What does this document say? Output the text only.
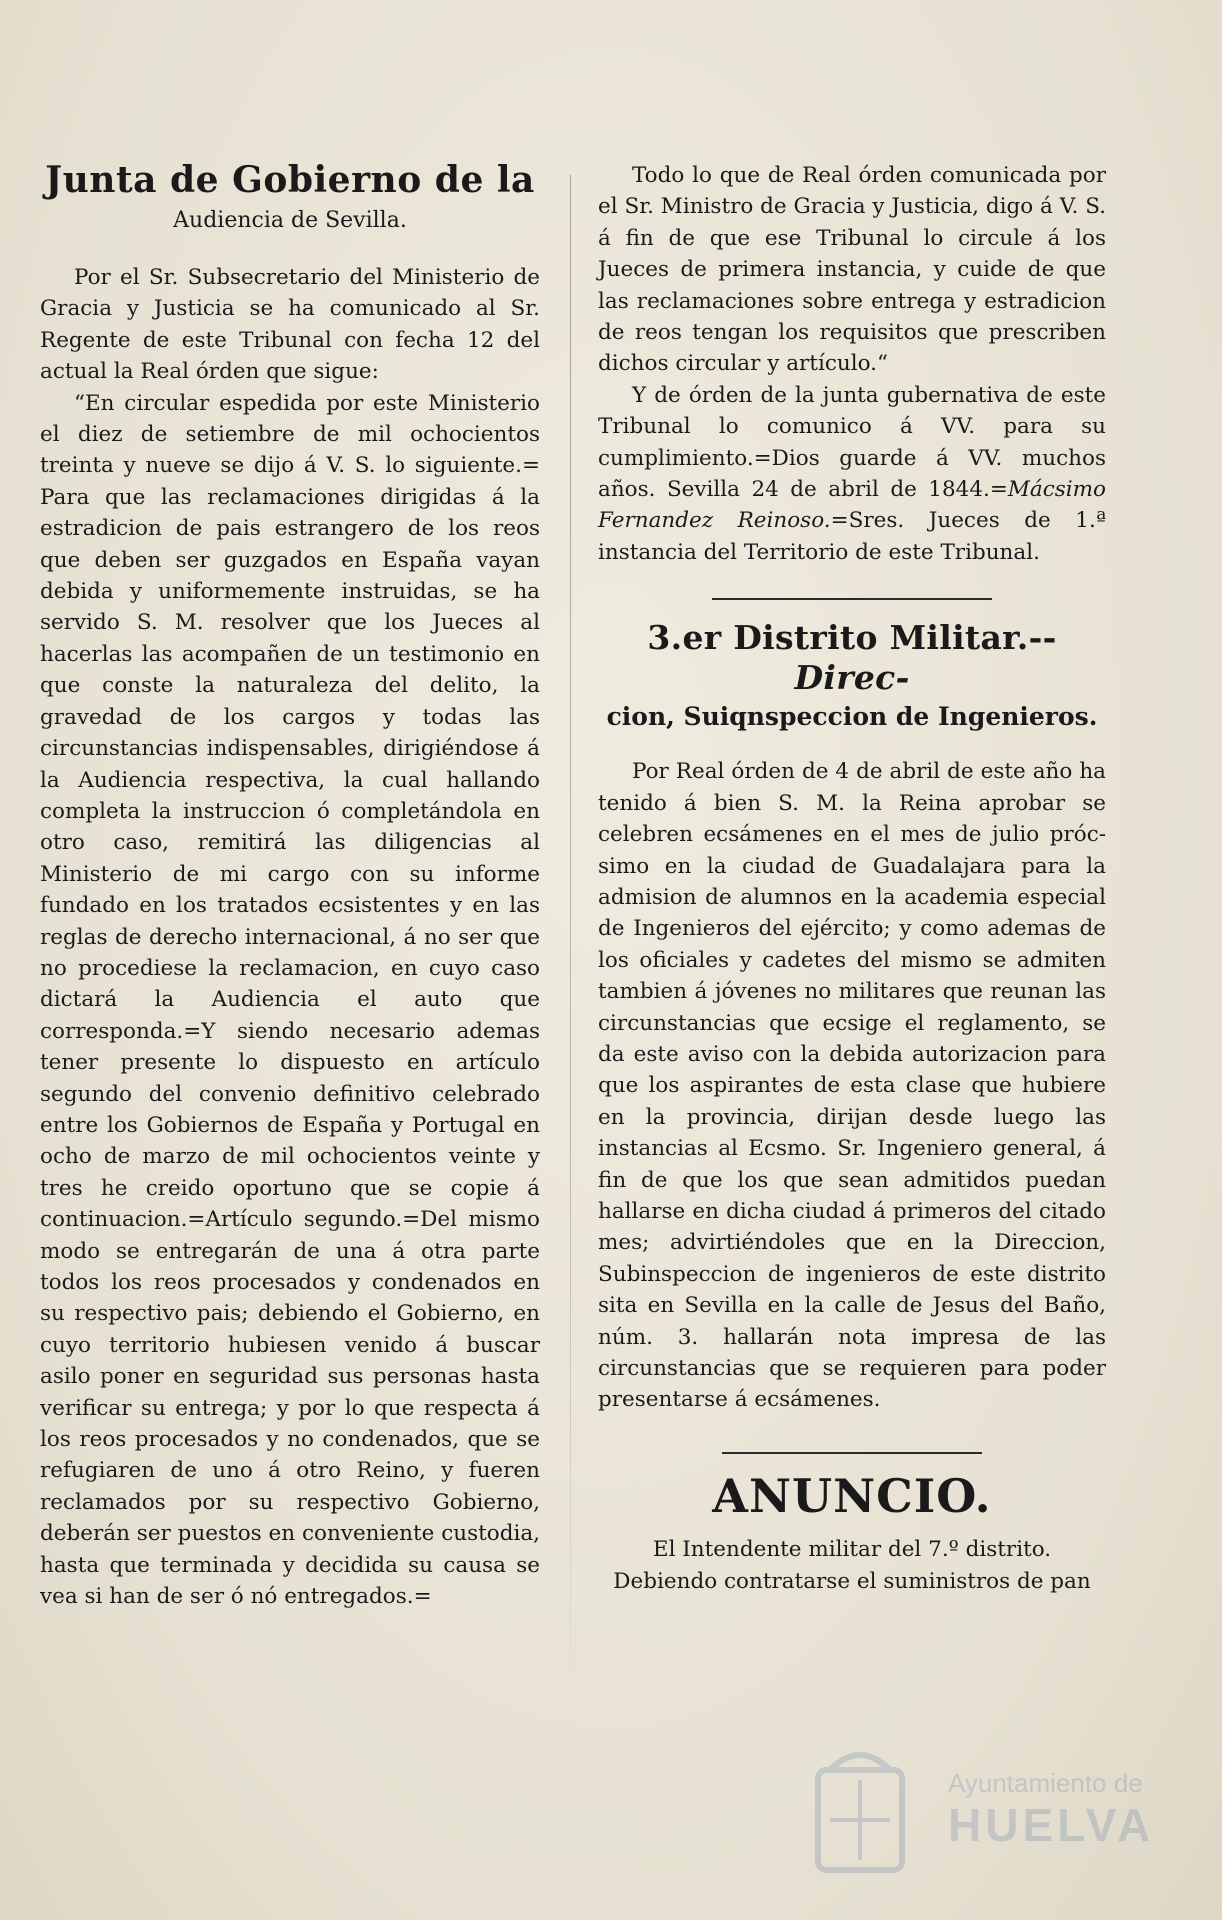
Junta de Gobierno de la
Audiencia de Sevilla.

Por el Sr. Subsecretario del Ministerio de Gracia y Justicia se ha comunicado al Sr. Regente de este Tribunal con fecha 12 del actual la Real órden que sigue:

“En circular espedida por este Ministerio el diez de setiembre de mil ochocientos treinta y nueve se dijo á V. S. lo siguiente.= Para que las reclamaciones dirigidas á la estradicion de pais estrangero de los reos que deben ser guzgados en España vayan debida y uniformemente instruidas, se ha servido S. M. resolver que los Jueces al hacerlas las acompañen de un testimonio en que conste la naturaleza del delito, la gravedad de los cargos y todas las circunstancias indispensables, dirigiéndose á la Audiencia respectiva, la cual hallando completa la instruccion ó completándola en otro caso, remitirá las diligencias al Ministerio de mi cargo con su informe fundado en los tratados ecsistentes y en las reglas de derecho internacional, á no ser que no procediese la reclamacion, en cuyo caso dictará la Audiencia el auto que corresponda.=Y siendo necesario ademas tener presente lo dispuesto en artículo segundo del convenio definitivo celebrado entre los Gobiernos de España y Portugal en ocho de marzo de mil ochocientos veinte y tres he creido oportuno que se copie á continuacion.=Artículo segundo.=Del mismo modo se entregarán de una á otra parte todos los reos procesados y condenados en su respectivo pais; debiendo el Gobierno, en cuyo territorio hubiesen venido á buscar asilo poner en seguridad sus personas hasta verificar su entrega; y por lo que respecta á los reos procesados y no condenados, que se refugiaren de uno á otro Reino, y fueren reclamados por su respectivo Gobierno, deberán ser puestos en conveniente custodia, hasta que terminada y decidida su causa se vea si han de ser ó nó entregados.=

Todo lo que de Real órden comunicada por el Sr. Ministro de Gracia y Justicia, digo á V. S. á fin de que ese Tribunal lo circule á los Jueces de primera instancia, y cuide de que las reclamaciones sobre entrega y estradicion de reos tengan los requisitos que prescriben dichos circular y artículo.“

Y de órden de la junta gubernativa de este Tribunal lo comunico á VV. para su cumplimiento.=Dios guarde á VV. muchos años. Sevilla 24 de abril de 1844.=Mácsimo Fernandez Reinoso.=Sres. Jueces de 1.ª instancia del Territorio de este Tribunal.

3.er Distrito Militar.--Direc-
cion, Suiqnspeccion de Ingenieros.

Por Real órden de 4 de abril de este año ha tenido á bien S. M. la Reina aprobar se celebren ecsámenes en el mes de julio próc-simo en la ciudad de Guadalajara para la admision de alumnos en la academia especial de Ingenieros del ejército; y como ademas de los oficiales y cadetes del mismo se admiten tambien á jóvenes no militares que reunan las circunstancias que ecsige el reglamento, se da este aviso con la debida autorizacion para que los aspirantes de esta clase que hubiere en la provincia, dirijan desde luego las instancias al Ecsmo. Sr. Ingeniero general, á fin de que los que sean admitidos puedan hallarse en dicha ciudad á primeros del citado mes; advirtiéndoles que en la Direccion, Subinspeccion de ingenieros de este distrito sita en Sevilla en la calle de Jesus del Baño, núm. 3. hallarán nota impresa de las circunstancias que se requieren para poder presentarse á ecsámenes.

ANUNCIO.

El Intendente militar del 7.º distrito.

Debiendo contratarse el suministros de pan

Ayuntamiento de
HUELVA
